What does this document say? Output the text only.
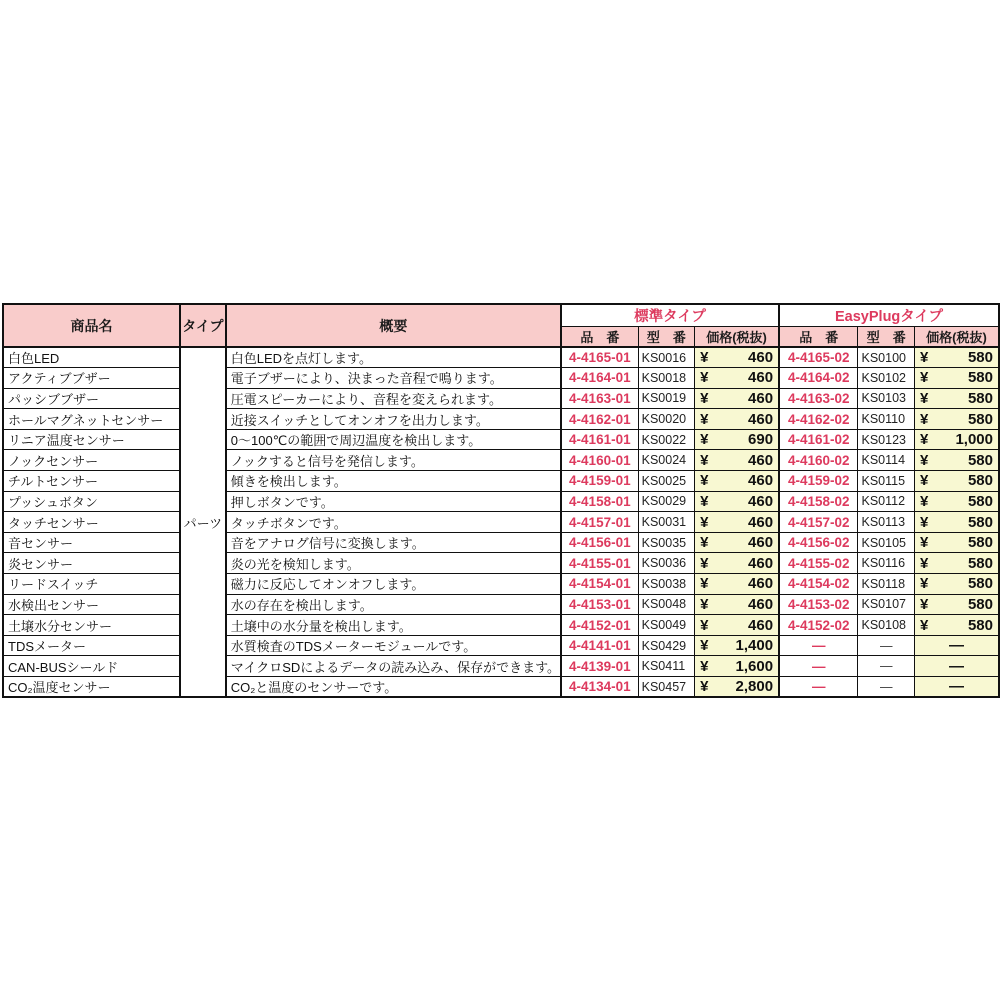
商品名	タイプ	概要	標準タイプ			EasyPlugタイプ		
			品　番	型　番	価格(税抜)	品　番	型　番	価格(税抜)
白色LED	パーツ	白色LEDを点灯します。	4-4165-01	KS0016	¥ 460	4-4165-02	KS0100	¥ 580

アクティブブザー		電子ブザーにより、決まった音程で鳴ります。	4-4164-01	KS0018	¥ 460	4-4164-02	KS0102	¥ 580

パッシブブザー		圧電スピーカーにより、音程を変えられます。	4-4163-01	KS0019	¥ 460	4-4163-02	KS0103	¥ 580

ホールマグネットセンサー		近接スイッチとしてオンオフを出力します。	4-4162-01	KS0020	¥ 460	4-4162-02	KS0110	¥ 580

リニア温度センサー		0～100℃の範囲で周辺温度を検出します。	4-4161-01	KS0022	¥ 690	4-4161-02	KS0123	¥ 1,000

ノックセンサー		ノックすると信号を発信します。	4-4160-01	KS0024	¥ 460	4-4160-02	KS0114	¥ 580

チルトセンサー		傾きを検出します。	4-4159-01	KS0025	¥ 460	4-4159-02	KS0115	¥ 580

プッシュボタン		押しボタンです。	4-4158-01	KS0029	¥ 460	4-4158-02	KS0112	¥ 580

タッチセンサー		タッチボタンです。	4-4157-01	KS0031	¥ 460	4-4157-02	KS0113	¥ 580

音センサー		音をアナログ信号に変換します。	4-4156-01	KS0035	¥ 460	4-4156-02	KS0105	¥ 580

炎センサー		炎の光を検知します。	4-4155-01	KS0036	¥ 460	4-4155-02	KS0116	¥ 580

リードスイッチ		磁力に反応してオンオフします。	4-4154-01	KS0038	¥ 460	4-4154-02	KS0118	¥ 580

水検出センサー		水の存在を検出します。	4-4153-01	KS0048	¥ 460	4-4153-02	KS0107	¥ 580

土壌水分センサー		土壌中の水分量を検出します。	4-4152-01	KS0049	¥ 460	4-4152-02	KS0108	¥ 580

TDSメーター		水質検査のTDSメーターモジュールです。	4-4141-01	KS0429	¥ 1,400	—	—	—

CAN-BUSシールド		マイクロSDによるデータの読み込み、保存ができます。	4-4139-01	KS0411	¥ 1,600	—	—	—

CO₂温度センサー		CO₂と温度のセンサーです。	4-4134-01	KS0457	¥ 2,800	—	—	—
